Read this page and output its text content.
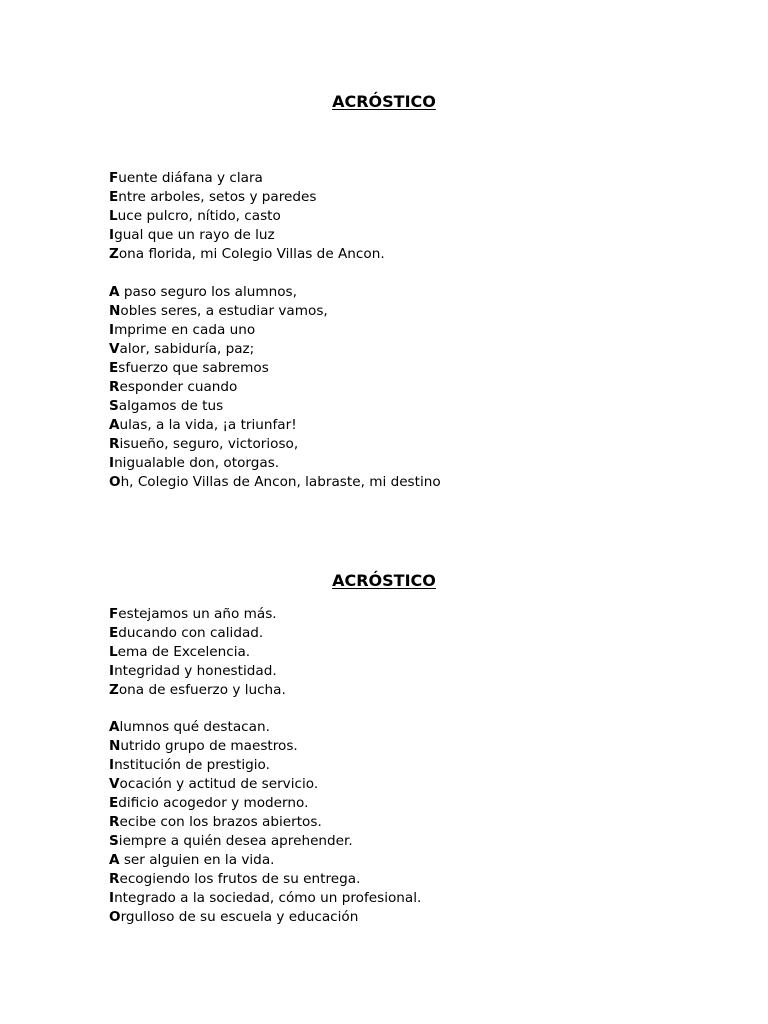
ACRÓSTICO
Fuente diáfana y clara
Entre arboles, setos y paredes
Luce pulcro, nítido, casto
Igual que un rayo de luz
Zona florida, mi Colegio Villas de Ancon.
A paso seguro los alumnos,
Nobles seres, a estudiar vamos,
Imprime en cada uno
Valor, sabiduría, paz;
Esfuerzo que sabremos
Responder cuando
Salgamos de tus
Aulas, a la vida, ¡a triunfar!
Risueño, seguro, victorioso,
Inigualable don, otorgas.
Oh, Colegio Villas de Ancon, labraste, mi destino
ACRÓSTICO
Festejamos un año más.
Educando con calidad.
Lema de Excelencia.
Integridad y honestidad.
Zona de esfuerzo y lucha.
Alumnos qué destacan.
Nutrido grupo de maestros.
Institución de prestigio.
Vocación y actitud de servicio.
Edificio acogedor y moderno.
Recibe con los brazos abiertos.
Siempre a quién desea aprehender.
A ser alguien en la vida.
Recogiendo los frutos de su entrega.
Integrado a la sociedad, cómo un profesional.
Orgulloso de su escuela y educación
